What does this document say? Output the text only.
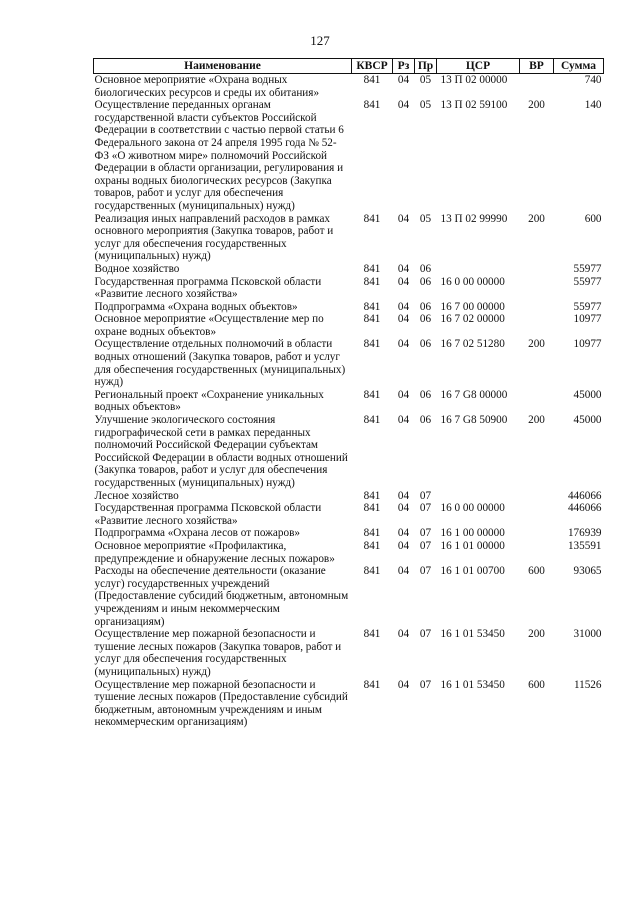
127
Наименование	КВСР	Рз	Пр	ЦСР	ВР	Сумма
Основное мероприятие «Охрана водных биологических ресурсов и среды их обитания»	841	04	05	13 П 02 00000		740
Осуществление переданных органам государственной власти субъектов Российской Федерации в соответствии с частью первой статьи 6 Федерального закона от 24 апреля 1995 года № 52-ФЗ «О животном мире» полномочий Российской Федерации в области организации, регулирования и охраны водных биологических ресурсов (Закупка товаров, работ и услуг для обеспечения государственных (муниципальных) нужд)	841	04	05	13 П 02 59100	200	140
Реализация иных направлений расходов в рамках основного мероприятия (Закупка товаров, работ и услуг для обеспечения государственных (муниципальных) нужд)	841	04	05	13 П 02 99990	200	600
Водное хозяйство	841	04	06			55977
Государственная программа Псковской области «Развитие лесного хозяйства»	841	04	06	16 0 00 00000		55977
Подпрограмма «Охрана водных объектов»	841	04	06	16 7 00 00000		55977
Основное мероприятие «Осуществление мер по охране водных объектов»	841	04	06	16 7 02 00000		10977
Осуществление отдельных полномочий в области водных отношений (Закупка товаров, работ и услуг для обеспечения государственных (муниципальных) нужд)	841	04	06	16 7 02 51280	200	10977
Региональный проект «Сохранение уникальных водных объектов»	841	04	06	16 7 G8 00000		45000
Улучшение экологического состояния гидрографической сети в рамках переданных полномочий Российской Федерации субъектам Российской Федерации в области водных отношений (Закупка товаров, работ и услуг для обеспечения государственных (муниципальных) нужд)	841	04	06	16 7 G8 50900	200	45000
Лесное хозяйство	841	04	07			446066
Государственная программа Псковской области «Развитие лесного хозяйства»	841	04	07	16 0 00 00000		446066
Подпрограмма «Охрана лесов от пожаров»	841	04	07	16 1 00 00000		176939
Основное мероприятие «Профилактика, предупреждение и обнаружение лесных пожаров»	841	04	07	16 1 01 00000		135591
Расходы на обеспечение деятельности (оказание услуг) государственных учреждений (Предоставление субсидий бюджетным, автономным учреждениям и иным некоммерческим организациям)	841	04	07	16 1 01 00700	600	93065
Осуществление мер пожарной безопасности и тушение лесных пожаров (Закупка товаров, работ и услуг для обеспечения государственных (муниципальных) нужд)	841	04	07	16 1 01 53450	200	31000
Осуществление мер пожарной безопасности и тушение лесных пожаров (Предоставление субсидий бюджетным, автономным учреждениям и иным некоммерческим организациям)	841	04	07	16 1 01 53450	600	11526
